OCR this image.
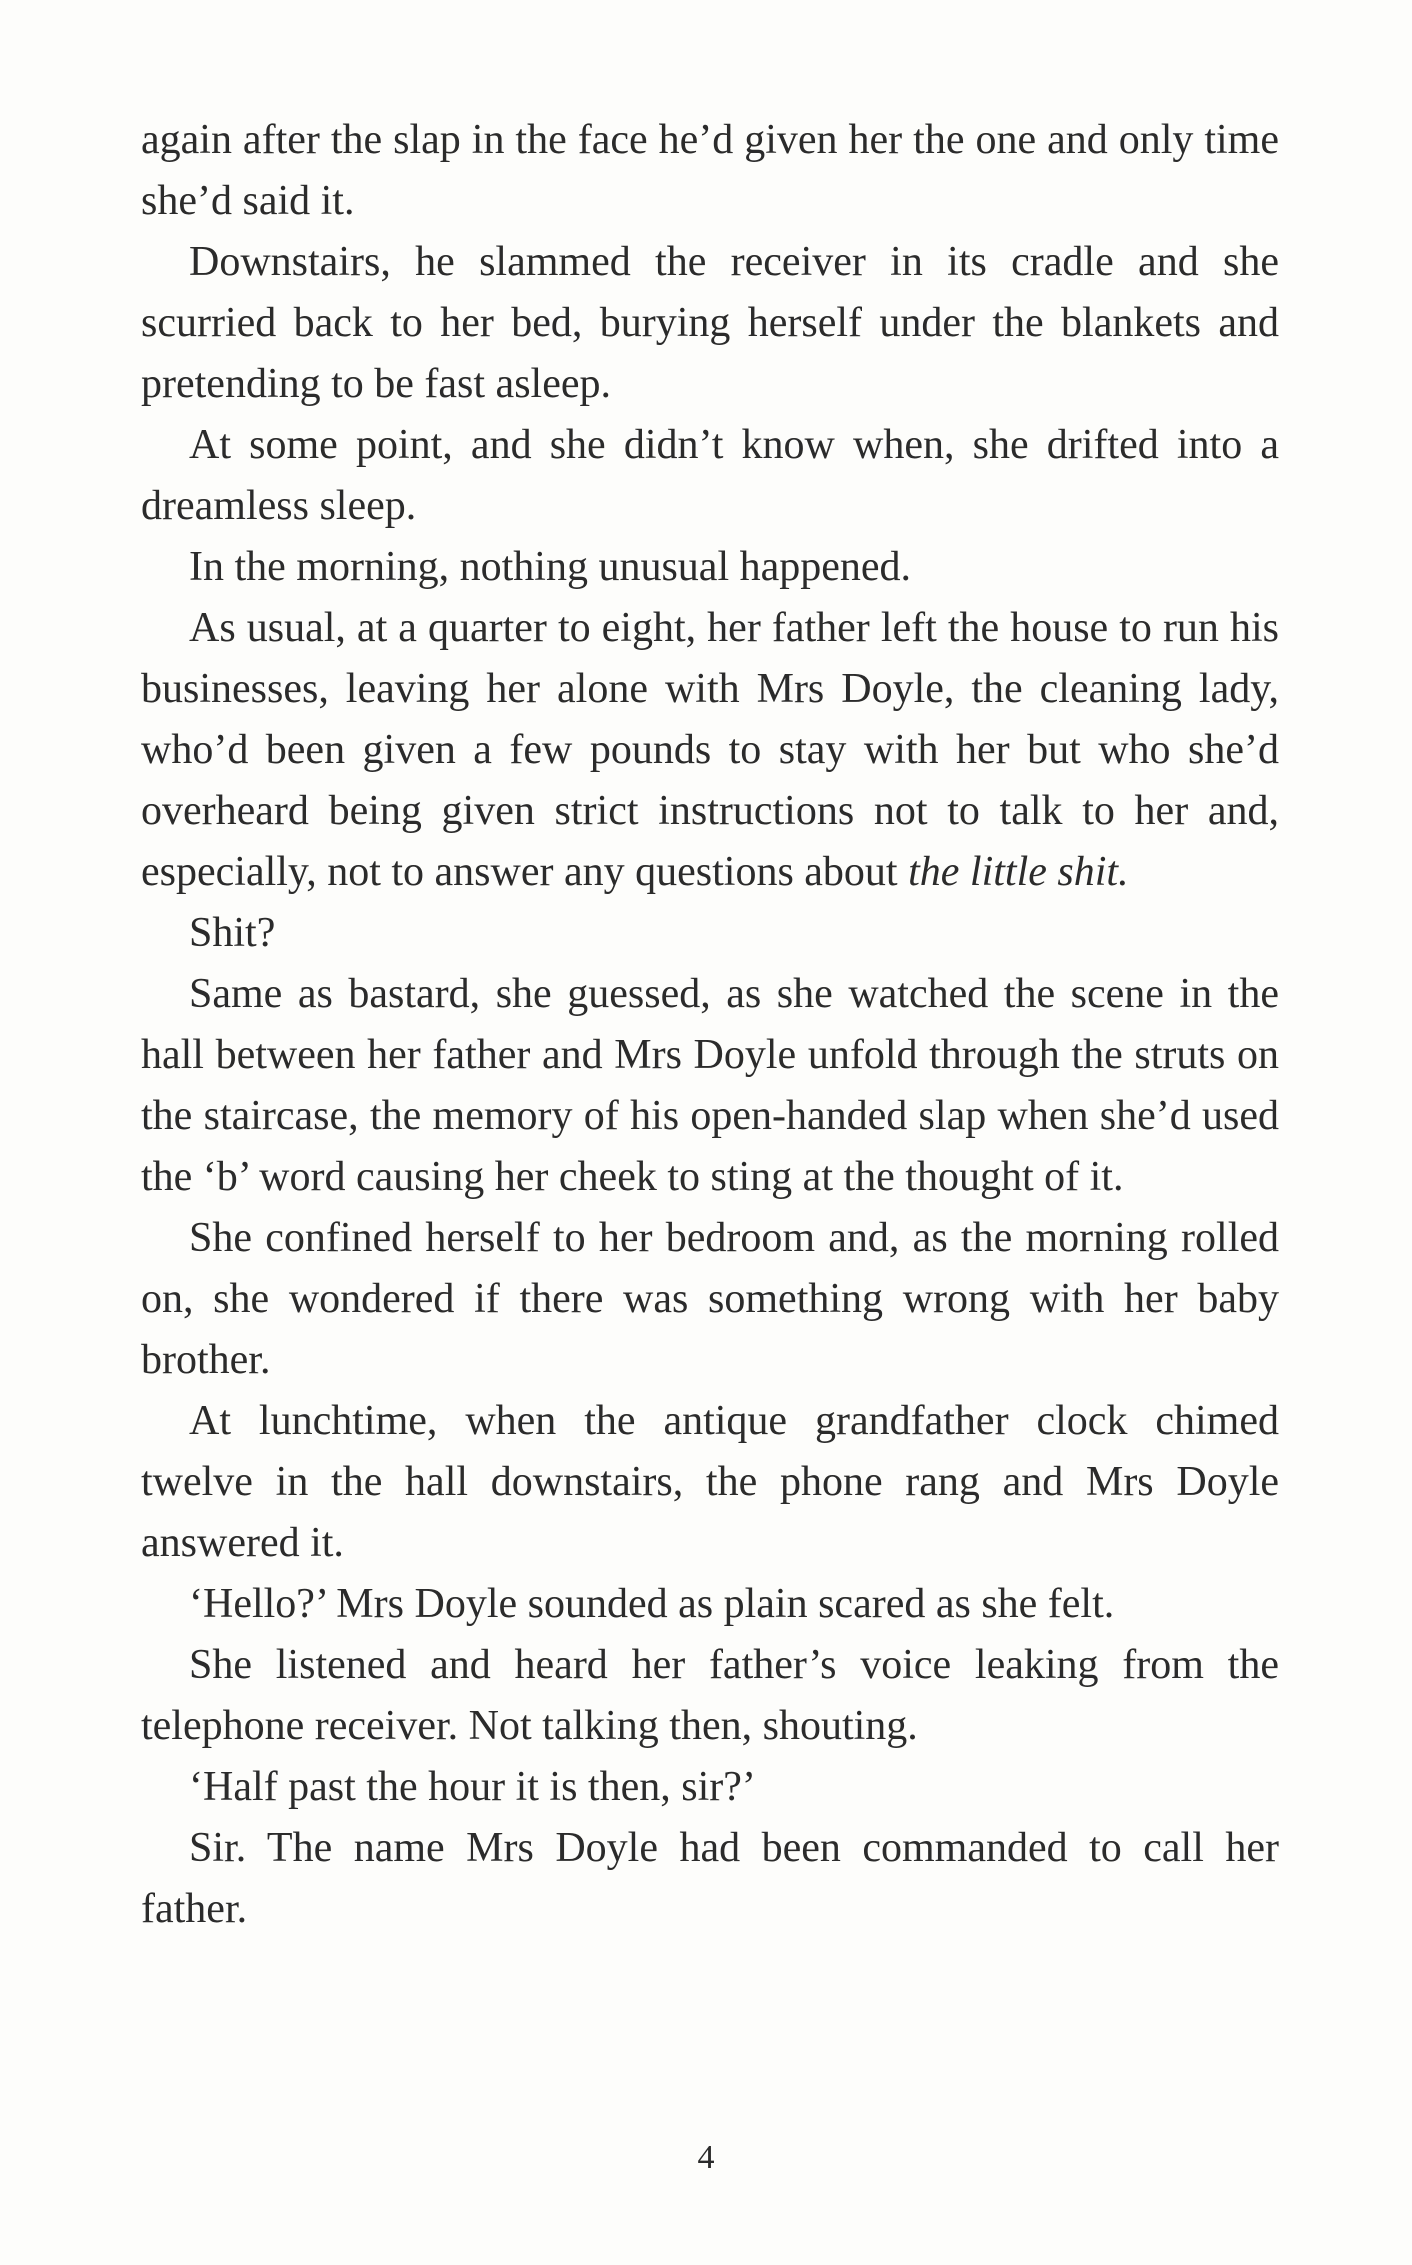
again after the slap in the face he’d given her the one and only time she’d said it.

Downstairs, he slammed the receiver in its cradle and she scurried back to her bed, burying herself under the blankets and pretending to be fast asleep.

At some point, and she didn’t know when, she drifted into a dreamless sleep.

In the morning, nothing unusual happened.

As usual, at a quarter to eight, her father left the house to run his businesses, leaving her alone with Mrs Doyle, the cleaning lady, who’d been given a few pounds to stay with her but who she’d overheard being given strict instructions not to talk to her and, especially, not to answer any questions about the little shit.

Shit?

Same as bastard, she guessed, as she watched the scene in the hall between her father and Mrs Doyle unfold through the struts on the staircase, the memory of his open-handed slap when she’d used the ‘b’ word causing her cheek to sting at the thought of it.

She confined herself to her bedroom and, as the morning rolled on, she wondered if there was something wrong with her baby brother.

At lunchtime, when the antique grandfather clock chimed twelve in the hall downstairs, the phone rang and Mrs Doyle answered it.

‘Hello?’ Mrs Doyle sounded as plain scared as she felt.

She listened and heard her father’s voice leaking from the telephone receiver. Not talking then, shouting.

‘Half past the hour it is then, sir?’

Sir. The name Mrs Doyle had been commanded to call her father.

4
